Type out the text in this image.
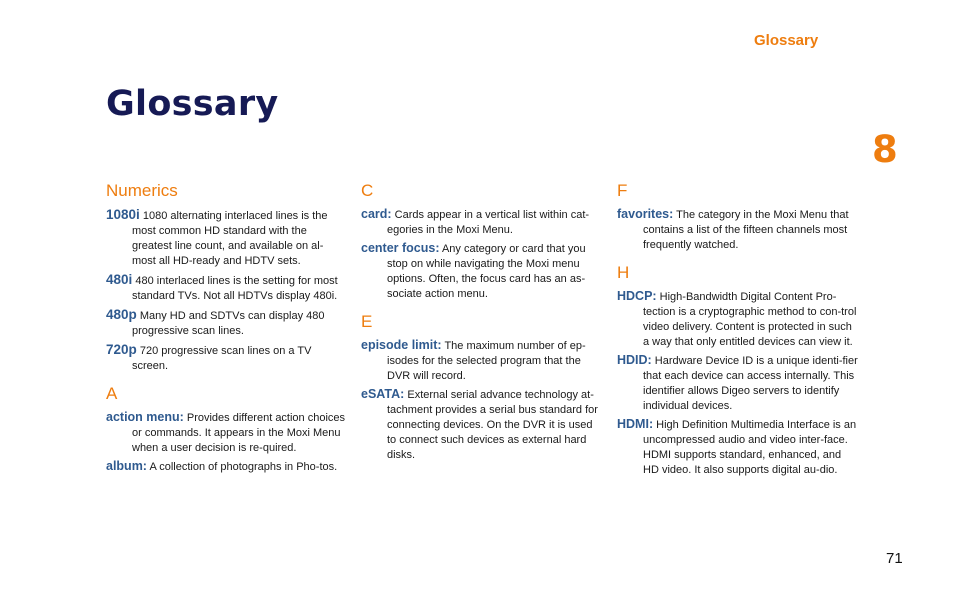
Glossary
Glossary
8
71
Numerics

1080i 1080 alternating interlaced lines is the most common HD standard with the greatest line count, and available on al-most all HD-ready and HDTV sets.

480i 480 interlaced lines is the setting for most standard TVs. Not all HDTVs display 480i.

480p Many HD and SDTVs can display 480 progressive scan lines.

720p 720 progressive scan lines on a TV screen.

A

action menu: Provides different action choices or commands. It appears in the Moxi Menu when a user decision is re-quired.

album: A collection of photographs in Pho-tos.

C

card: Cards appear in a vertical list within cat-egories in the Moxi Menu.

center focus: Any category or card that you stop on while navigating the Moxi menu options. Often, the focus card has an as-sociate action menu.

E

episode limit: The maximum number of ep-isodes for the selected program that the DVR will record.

eSATA: External serial advance technology at-tachment provides a serial bus standard for connecting devices. On the DVR it is used to connect such devices as external hard disks.

F

favorites: The category in the Moxi Menu that contains a list of the fifteen channels most frequently watched.

H

HDCP: High-Bandwidth Digital Content Pro-tection is a cryptographic method to con-trol video delivery. Content is protected in such a way that only entitled devices can view it.

HDID: Hardware Device ID is a unique identi-fier that each device can access internally. This identifier allows Digeo servers to identify individual devices.

HDMI: High Definition Multimedia Interface is an uncompressed audio and video inter-face. HDMI supports standard, enhanced, and HD video. It also supports digital au-dio.
